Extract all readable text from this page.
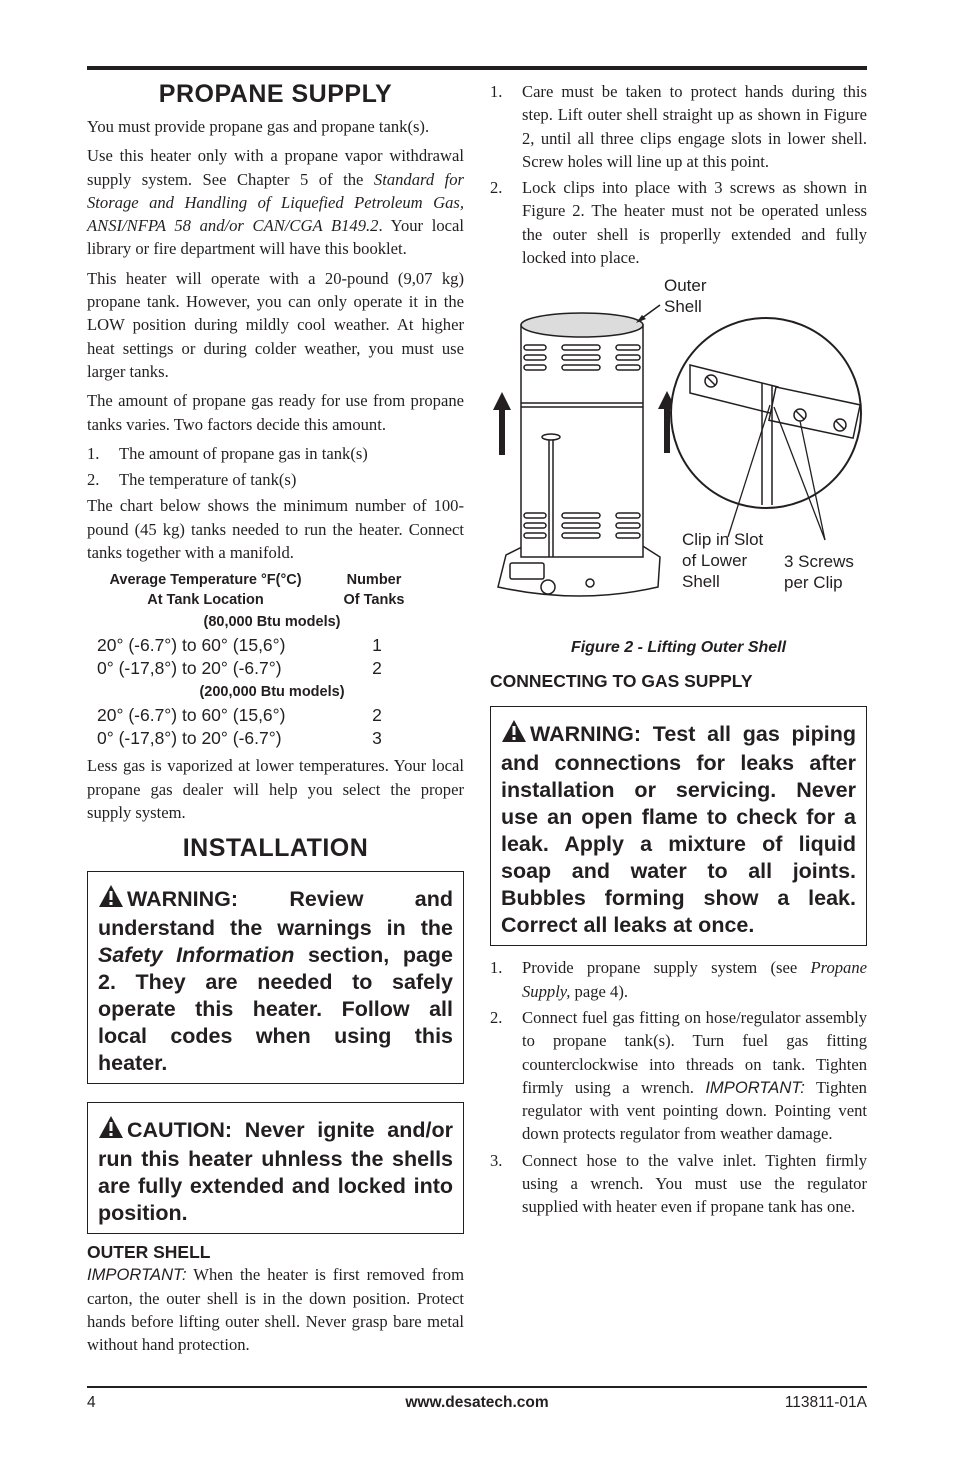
PROPANE SUPPLY

You must provide propane gas and propane tank(s).

Use this heater only with a propane vapor withdrawal supply system. See Chapter 5 of the Standard for Storage and Handling of Liquefied Petroleum Gas, ANSI/NFPA 58 and/or CAN/CGA B149.2. Your local library or fire department will have this booklet.

This heater will operate with a 20-pound (9,07 kg) propane tank. However, you can only operate it in the LOW position during mildly cool weather. At higher heat settings or during colder weather, you must use larger tanks.

The amount of propane gas ready for use from propane tanks varies. Two factors decide this amount.

1.	The amount of propane gas in tank(s)
2.	The temperature of tank(s)

The chart below shows the minimum number of 100-pound (45 kg) tanks needed to run the heater. Connect tanks together with a manifold.

Average Temperature °F(°C)
At Tank Location
Number
Of Tanks
(80,000 Btu models)
20° (-6.7°) to 60° (15,6°)	1
0° (-17,8°) to 20° (-6.7°)	2
(200,000 Btu models)
20° (-6.7°) to 60° (15,6°)	2
0° (-17,8°) to 20° (-6.7°)	3

Less gas is vaporized at lower temperatures. Your local propane gas dealer will help you select the proper supply system.

INSTALLATION
WARNING: Review and understand the warnings in the Safety Information section, page 2. They are needed to safely operate this heater. Follow all local codes when using this heater.
CAUTION: Never ignite and/or run this heater uhnless the shells are fully extended and locked into position.
OUTER SHELL

IMPORTANT: When the heater is first removed from carton, the outer shell is in the down position. Protect hands before lifting outer shell. Never grasp bare metal without hand protection.

1.	Care must be taken to protect hands during this step. Lift outer shell straight up as shown in Figure 2, until all three clips engage slots in lower shell. Screw holes will line up at this point.
2.	Lock clips into place with 3 screws as shown in Figure 2. The heater must not be operated unless the outer shell is properlly extended and fully locked into place.
Outer
Shell
Clip in Slot
of Lower
Shell
3 Screws
per Clip
Figure 2 - Lifting Outer Shell
CONNECTING TO GAS SUPPLY
WARNING: Test all gas piping and connections for leaks after installation or servicing. Never use an open flame to check for a leak. Apply a mixture of liquid soap and water to all joints. Bubbles forming show a leak. Correct all leaks at once.
1.	Provide propane supply system (see Propane Supply, page 4).
2.	Connect fuel gas fitting on hose/regulator assembly to propane tank(s). Turn fuel gas fitting counterclockwise into threads on tank. Tighten firmly using a wrench. IMPORTANT: Tighten regulator with vent pointing down. Pointing vent down protects regulator from weather damage.
3.	Connect hose to the valve inlet. Tighten firmly using a wrench. You must use the regulator supplied with heater even if propane tank has one.
4	www.desatech.com	113811-01A
